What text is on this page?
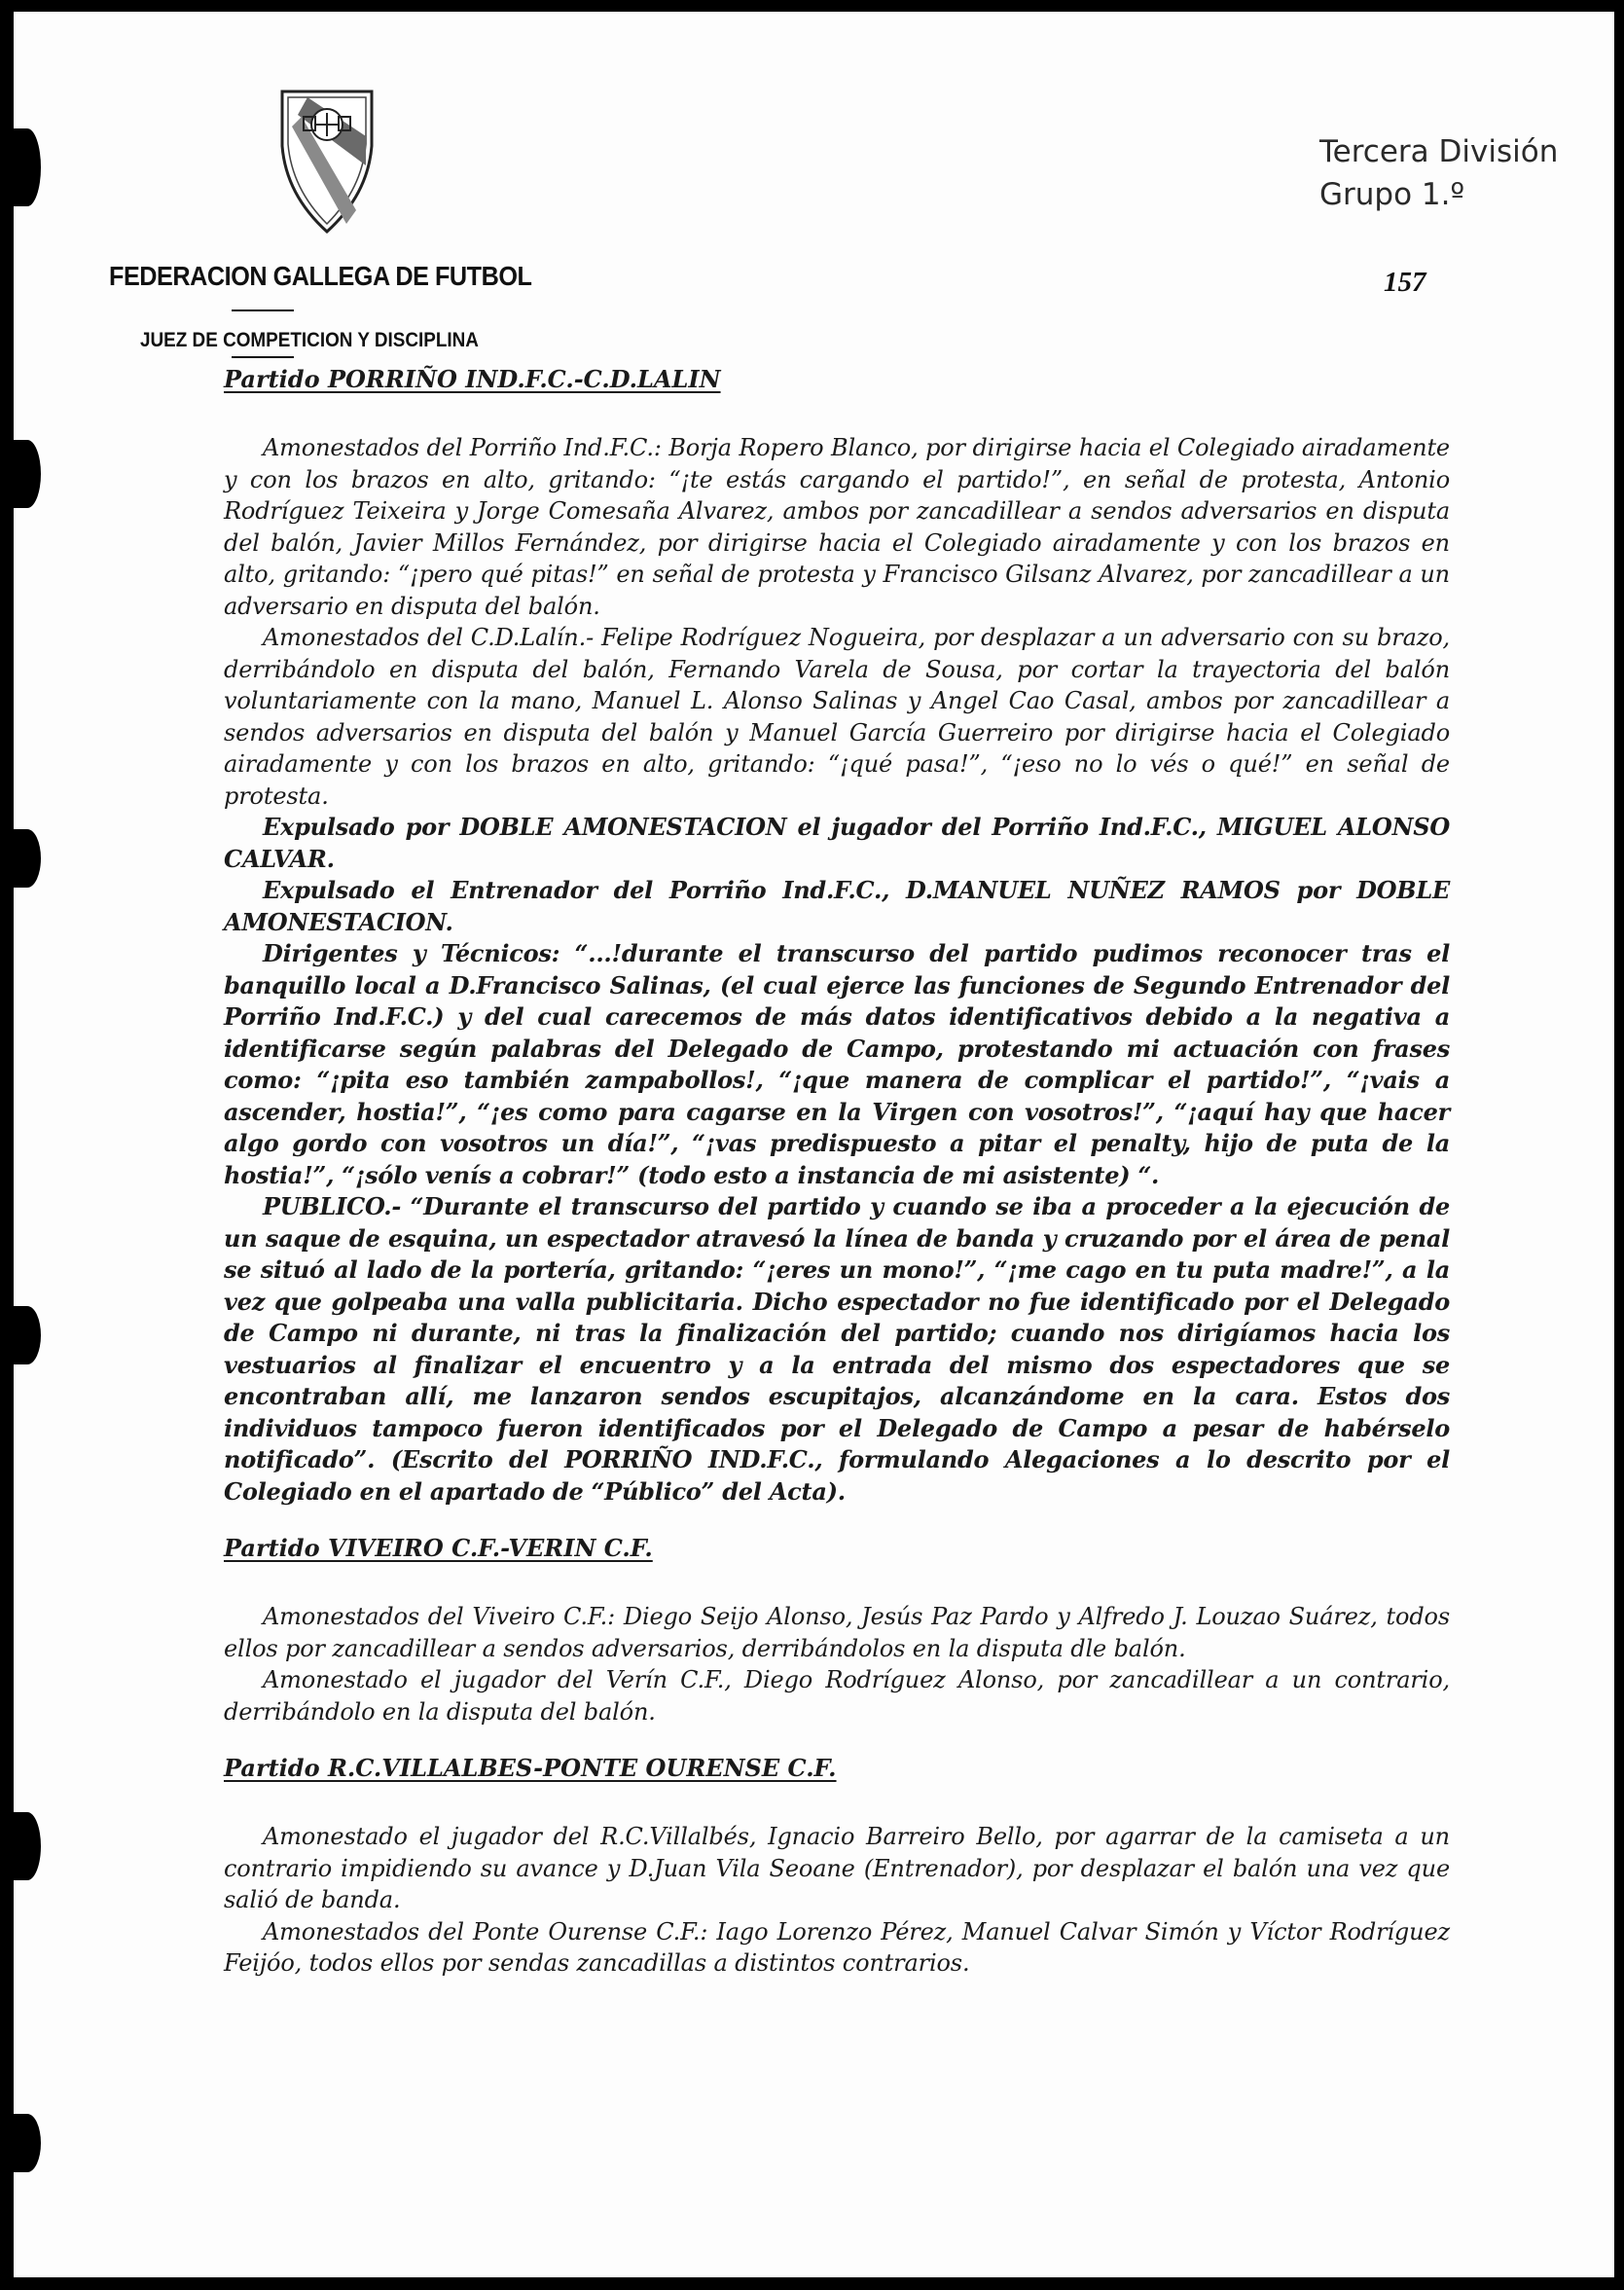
Tercera División
Grupo 1.º
FEDERACION GALLEGA DE FUTBOL
JUEZ DE COMPETICION Y DISCIPLINA
157

Partido PORRIÑO IND.F.C.-C.D.LALIN

Amonestados del Porriño Ind.F.C.: Borja Ropero Blanco, por dirigirse hacia el Colegiado airadamente y con los brazos en alto, gritando: “¡te estás cargando el partido!”, en señal de protesta, Antonio Rodríguez Teixeira y Jorge Comesaña Alvarez, ambos por zancadillear a sendos adversarios en disputa del balón, Javier Millos Fernández, por dirigirse hacia el Colegiado airadamente y con los brazos en alto, gritando: “¡pero qué pitas!” en señal de protesta y Francisco Gilsanz Alvarez, por zancadillear a un adversario en disputa del balón.

Amonestados del C.D.Lalín.- Felipe Rodríguez Nogueira, por desplazar a un adversario con su brazo, derribándolo en disputa del balón, Fernando Varela de Sousa, por cortar la trayectoria del balón voluntariamente con la mano, Manuel L. Alonso Salinas y Angel Cao Casal, ambos por zancadillear a sendos adversarios en disputa del balón y Manuel García Guerreiro por dirigirse hacia el Colegiado airadamente y con los brazos en alto, gritando: “¡qué pasa!”, “¡eso no lo vés o qué!” en señal de protesta.

Expulsado por DOBLE AMONESTACION el jugador del Porriño Ind.F.C., MIGUEL ALONSO CALVAR.

Expulsado el Entrenador del Porriño Ind.F.C., D.MANUEL NUÑEZ RAMOS por DOBLE AMONESTACION.

Dirigentes y Técnicos: “...!durante el transcurso del partido pudimos reconocer tras el banquillo local a D.Francisco Salinas, (el cual ejerce las funciones de Segundo Entrenador del Porriño Ind.F.C.) y del cual carecemos de más datos identificativos debido a la negativa a identificarse según palabras del Delegado de Campo, protestando mi actuación con frases como: “¡pita eso también zampabollos!, “¡que manera de complicar el partido!”, “¡vais a ascender, hostia!”, “¡es como para cagarse en la Virgen con vosotros!”, “¡aquí hay que hacer algo gordo con vosotros un día!”, “¡vas predispuesto a pitar el penalty, hijo de puta de la hostia!”, “¡sólo venís a cobrar!” (todo esto a instancia de mi asistente) “.

PUBLICO.- “Durante el transcurso del partido y cuando se iba a proceder a la ejecución de un saque de esquina, un espectador atravesó la línea de banda y cruzando por el área de penal se situó al lado de la portería, gritando: “¡eres un mono!”, “¡me cago en tu puta madre!”, a la vez que golpeaba una valla publicitaria. Dicho espectador no fue identificado por el Delegado de Campo ni durante, ni tras la finalización del partido; cuando nos dirigíamos hacia los vestuarios al finalizar el encuentro y a la entrada del mismo dos espectadores que se encontraban allí, me lanzaron sendos escupitajos, alcanzándome en la cara. Estos dos individuos tampoco fueron identificados por el Delegado de Campo a pesar de habérselo notificado”. (Escrito del PORRIÑO IND.F.C., formulando Alegaciones a lo descrito por el Colegiado en el apartado de “Público” del Acta).

Partido VIVEIRO C.F.-VERIN C.F.

Amonestados del Viveiro C.F.: Diego Seijo Alonso, Jesús Paz Pardo y Alfredo J. Louzao Suárez, todos ellos por zancadillear a sendos adversarios, derribándolos en la disputa dle balón.

Amonestado el jugador del Verín C.F., Diego Rodríguez Alonso, por zancadillear a un contrario, derribándolo en la disputa del balón.

Partido R.C.VILLALBES-PONTE OURENSE C.F.

Amonestado el jugador del R.C.Villalbés, Ignacio Barreiro Bello, por agarrar de la camiseta a un contrario impidiendo su avance y D.Juan Vila Seoane (Entrenador), por desplazar el balón una vez que salió de banda.

Amonestados del Ponte Ourense C.F.: Iago Lorenzo Pérez, Manuel Calvar Simón y Víctor Rodríguez Feijóo, todos ellos por sendas zancadillas a distintos contrarios.
